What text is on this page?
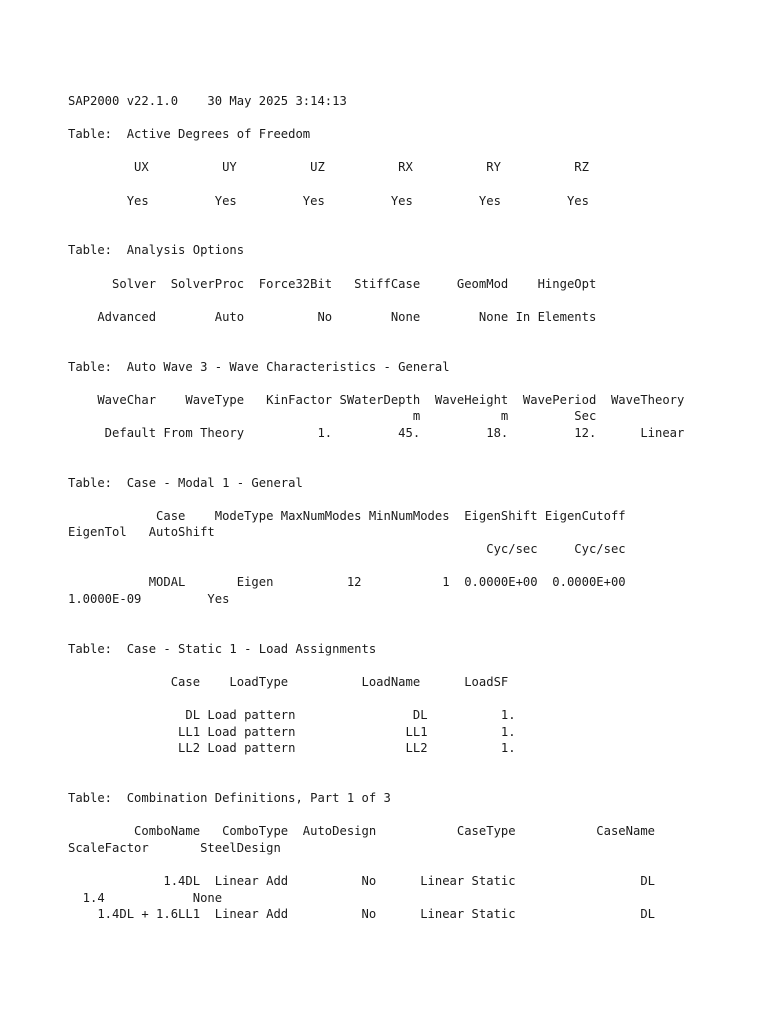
SAP2000 v22.1.0    30 May 2025 3:14:13
Table:  Active Degrees of Freedom
UX          UY          UZ          RX          RY          RZ
Yes         Yes         Yes         Yes         Yes         Yes
Table:  Analysis Options
Solver  SolverProc  Force32Bit   StiffCase     GeomMod    HingeOpt
Advanced        Auto          No        None        None In Elements
Table:  Auto Wave 3 - Wave Characteristics - General
WaveChar    WaveType   KinFactor SWaterDepth  WaveHeight  WavePeriod  WaveTheory
m           m         Sec
Default From Theory          1.         45.         18.         12.      Linear
Table:  Case - Modal 1 - General
Case    ModeType MaxNumModes MinNumModes  EigenShift EigenCutoff
EigenTol   AutoShift
Cyc/sec     Cyc/sec
MODAL       Eigen          12           1  0.0000E+00  0.0000E+00
1.0000E-09         Yes
Table:  Case - Static 1 - Load Assignments
Case    LoadType          LoadName      LoadSF
DL Load pattern                DL          1.
LL1 Load pattern               LL1          1.
LL2 Load pattern               LL2          1.
Table:  Combination Definitions, Part 1 of 3
ComboName   ComboType  AutoDesign           CaseType           CaseName
ScaleFactor       SteelDesign
1.4DL  Linear Add          No      Linear Static                 DL
1.4            None
1.4DL + 1.6LL1  Linear Add          No      Linear Static                 DL
